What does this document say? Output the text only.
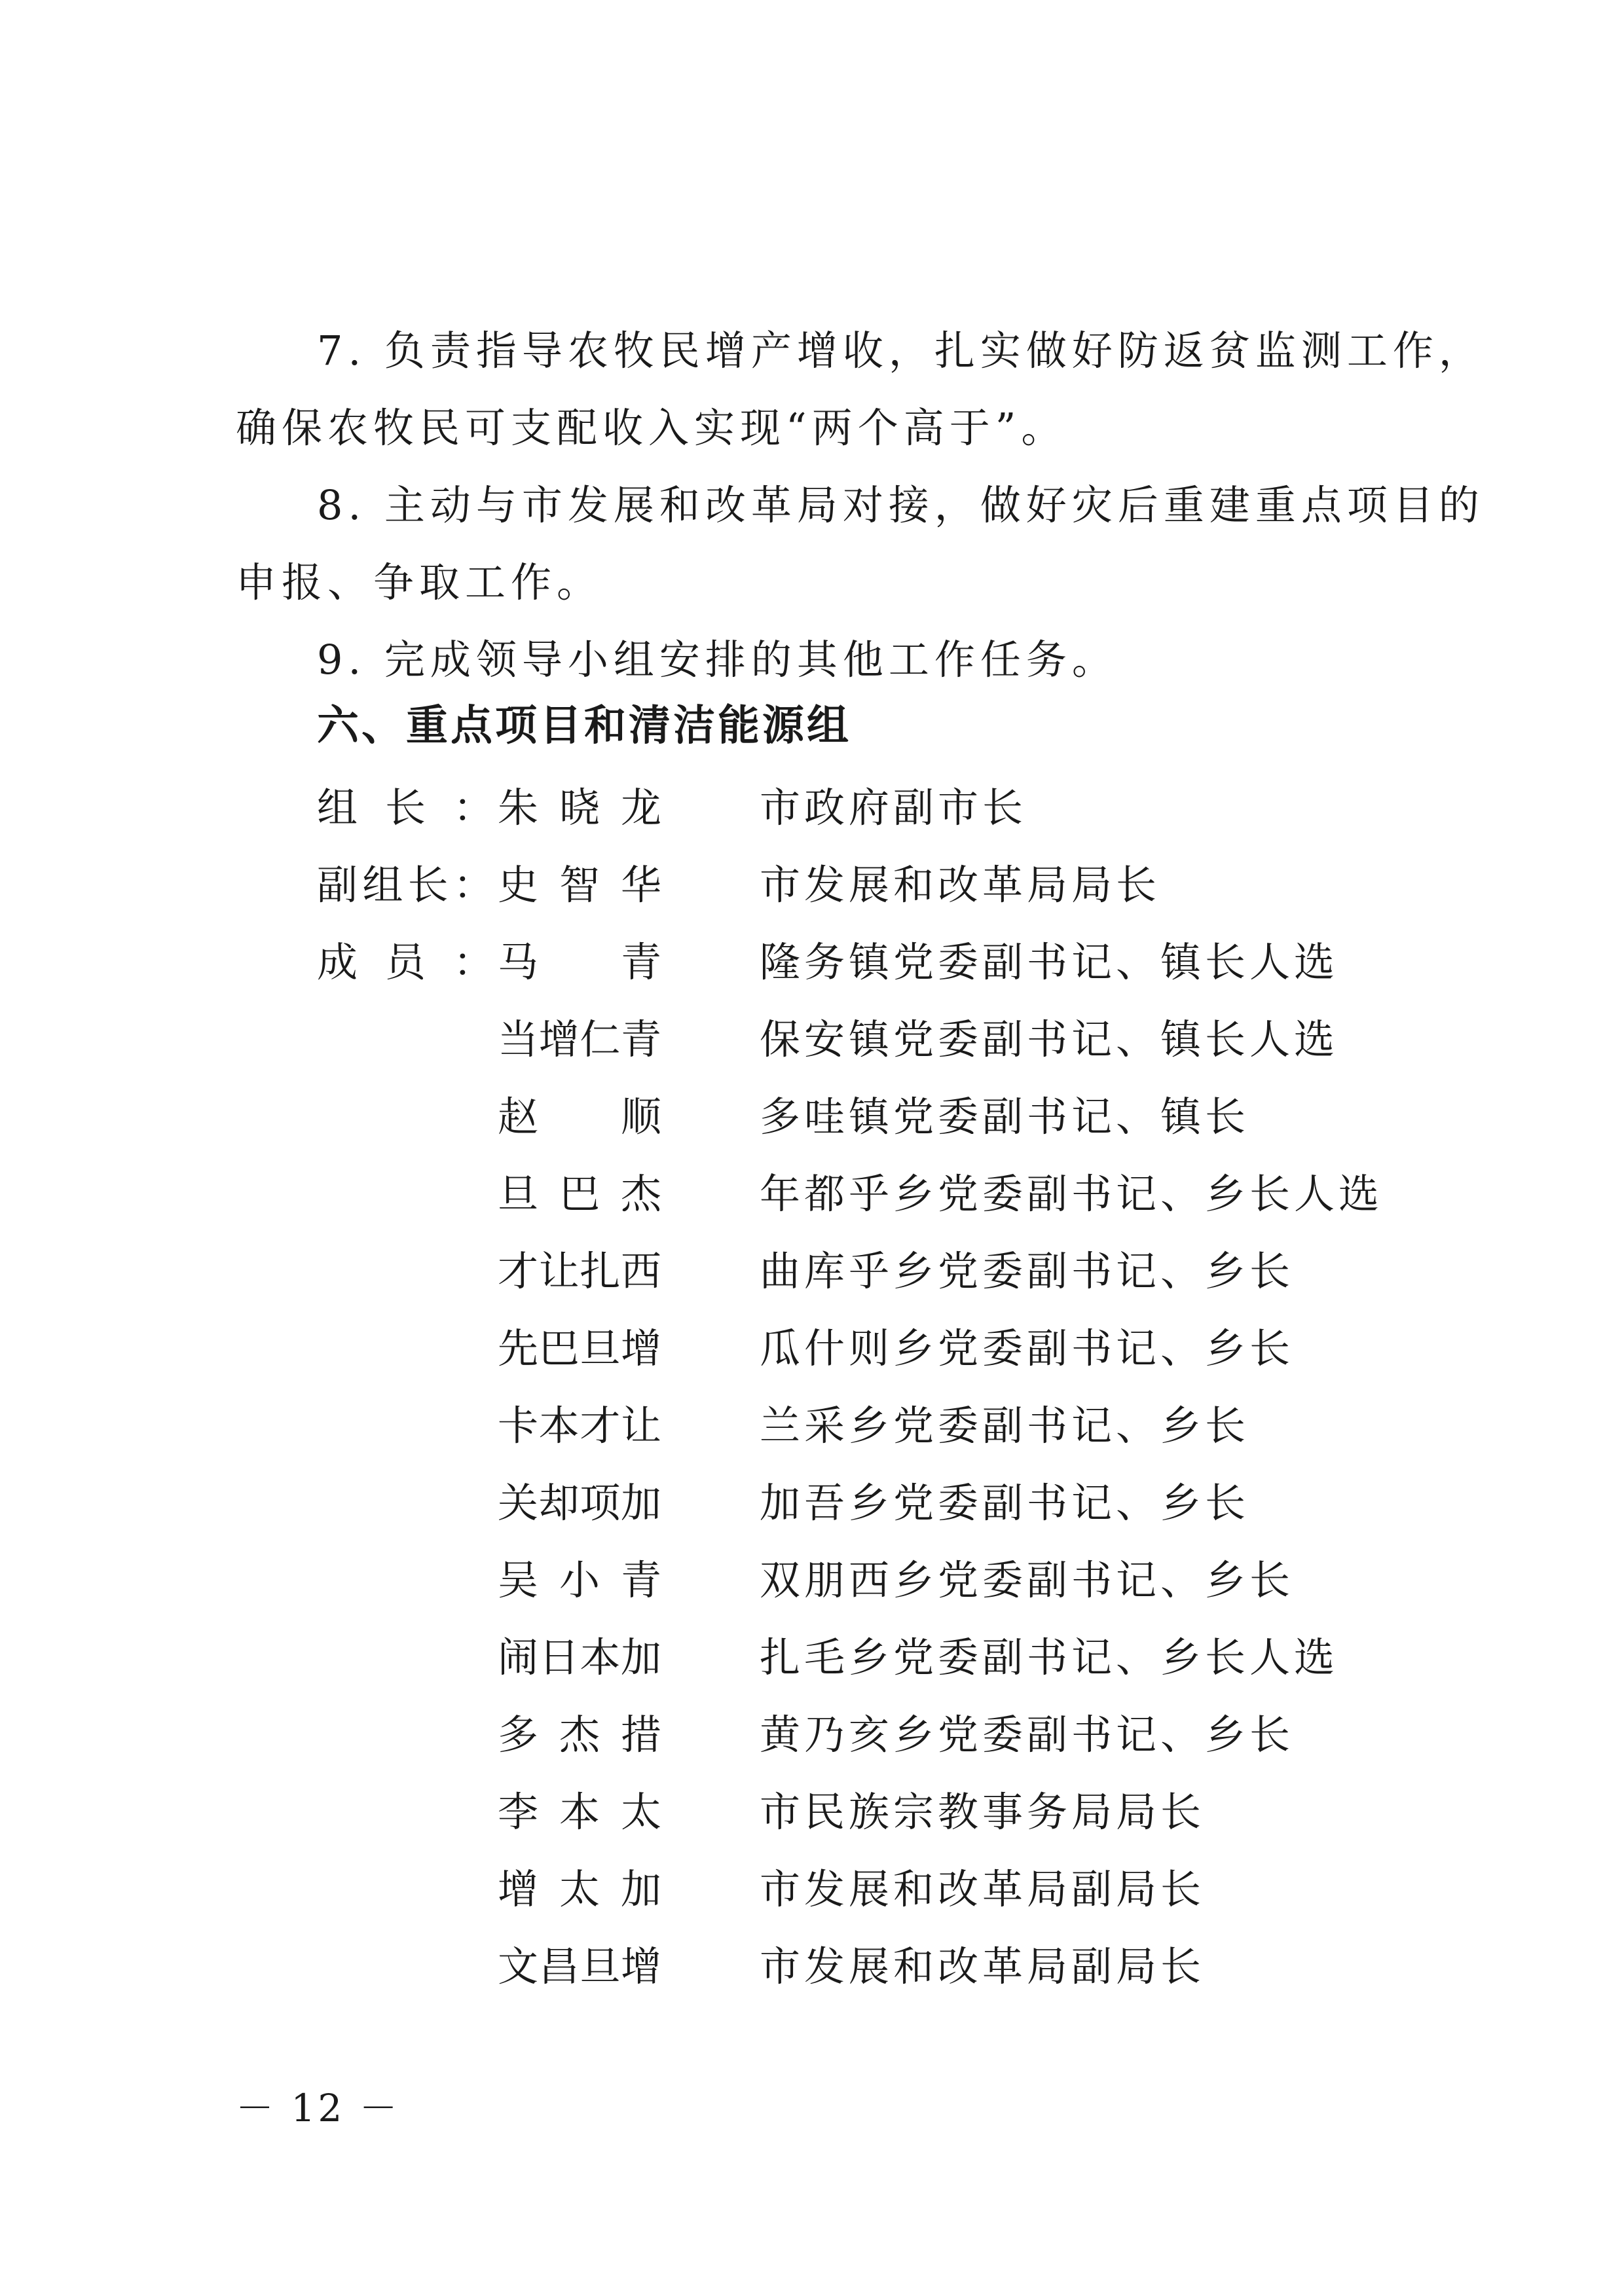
7. 负责指导农牧民增产增收，扎实做好防返贫监测工作，
确保农牧民可支配收入实现“两个高于”。
8. 主动与市发展和改革局对接，做好灾后重建重点项目的
申报、争取工作。
9. 完成领导小组安排的其他工作任务。
六、重点项目和清洁能源组
组长： 朱晓龙 市政府副市长
副组长： 史智华 市发展和改革局局长
成员： 马青 隆务镇党委副书记、镇长人选
当增仁青 保安镇党委副书记、镇长人选
赵顺 多哇镇党委副书记、镇长
旦巴杰 年都乎乡党委副书记、乡长人选
才让扎西 曲库乎乡党委副书记、乡长
先巴旦增 瓜什则乡党委副书记、乡长
卡本才让 兰采乡党委副书记、乡长
关却项加 加吾乡党委副书记、乡长
吴小青 双朋西乡党委副书记、乡长
闹日本加 扎毛乡党委副书记、乡长人选
多杰措 黄乃亥乡党委副书记、乡长
李本太 市民族宗教事务局局长
增太加 市发展和改革局副局长
文昌旦增 市发展和改革局副局长
－ 12 －
